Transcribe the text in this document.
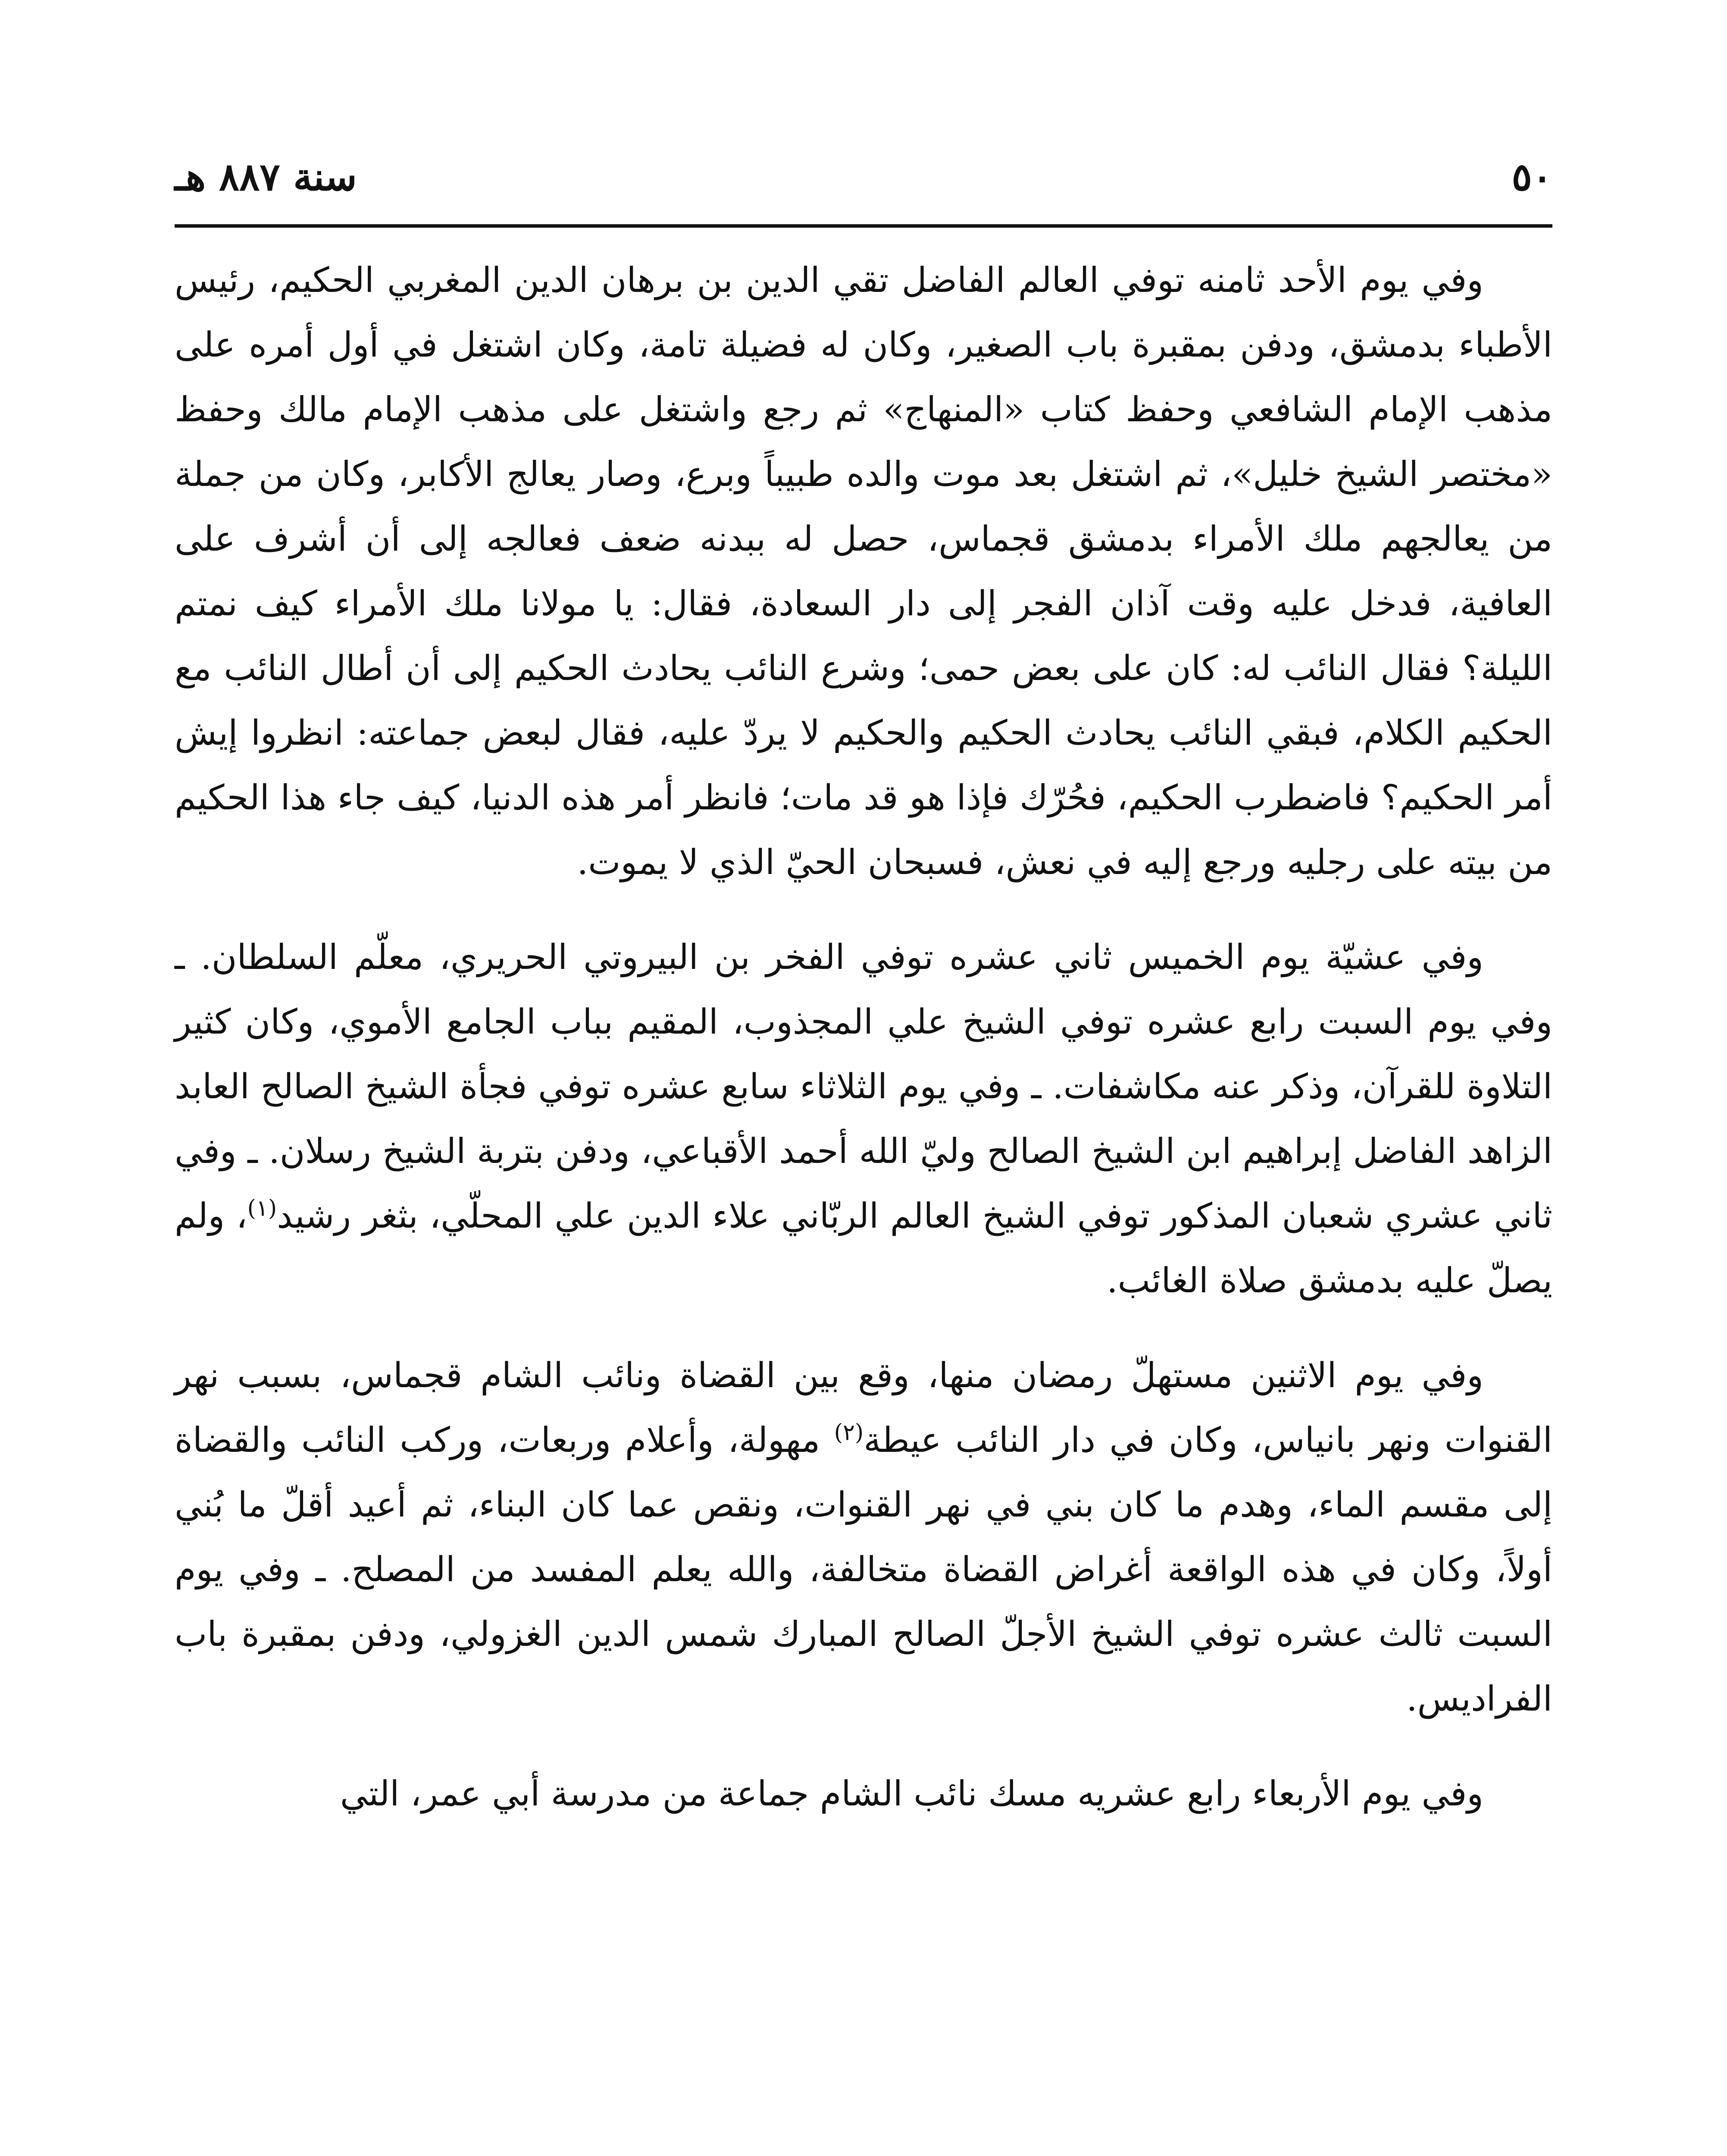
٥٠
سنة ٨٨٧ هـ

وفي يوم الأحد ثامنه توفي العالم الفاضل تقي الدين بن برهان الدين المغربي الحكيم، رئيس الأطباء بدمشق، ودفن بمقبرة باب الصغير، وكان له فضيلة تامة، وكان اشتغل في أول أمره على مذهب الإمام الشافعي وحفظ كتاب «المنهاج» ثم رجع واشتغل على مذهب الإمام مالك وحفظ «مختصر الشيخ خليل»، ثم اشتغل بعد موت والده طبيباً وبرع، وصار يعالج الأكابر، وكان من جملة من يعالجهم ملك الأمراء بدمشق قجماس، حصل له ببدنه ضعف فعالجه إلى أن أشرف على العافية، فدخل عليه وقت آذان الفجر إلى دار السعادة، فقال: يا مولانا ملك الأمراء كيف نمتم الليلة؟ فقال النائب له: كان على بعض حمى؛ وشرع النائب يحادث الحكيم إلى أن أطال النائب مع الحكيم الكلام، فبقي النائب يحادث الحكيم والحكيم لا يردّ عليه، فقال لبعض جماعته: انظروا إيش أمر الحكيم؟ فاضطرب الحكيم، فحُرّك فإذا هو قد مات؛ فانظر أمر هذه الدنيا، كيف جاء هذا الحكيم من بيته على رجليه ورجع إليه في نعش، فسبحان الحيّ الذي لا يموت.

وفي عشيّة يوم الخميس ثاني عشره توفي الفخر بن البيروتي الحريري، معلّم السلطان. ـ وفي يوم السبت رابع عشره توفي الشيخ علي المجذوب، المقيم بباب الجامع الأموي، وكان كثير التلاوة للقرآن، وذكر عنه مكاشفات. ـ وفي يوم الثلاثاء سابع عشره توفي فجأة الشيخ الصالح العابد الزاهد الفاضل إبراهيم ابن الشيخ الصالح وليّ الله أحمد الأقباعي، ودفن بتربة الشيخ رسلان. ـ وفي ثاني عشري شعبان المذكور توفي الشيخ العالم الربّاني علاء الدين علي المحلّي، بثغر رشيد$^{(١)}$، ولم يصلّ عليه بدمشق صلاة الغائب.

وفي يوم الاثنين مستهلّ رمضان منها، وقع بين القضاة ونائب الشام قجماس، بسبب نهر القنوات ونهر بانياس، وكان في دار النائب عيطة$^{(٢)}$ مهولة، وأعلام وربعات، وركب النائب والقضاة إلى مقسم الماء، وهدم ما كان بني في نهر القنوات، ونقص عما كان البناء، ثم أعيد أقلّ ما بُني أولاً، وكان في هذه الواقعة أغراض القضاة متخالفة، والله يعلم المفسد من المصلح. ـ وفي يوم السبت ثالث عشره توفي الشيخ الأجلّ الصالح المبارك شمس الدين الغزولي، ودفن بمقبرة باب الفراديس.

وفي يوم الأربعاء رابع عشريه مسك نائب الشام جماعة من مدرسة أبي عمر، التي
